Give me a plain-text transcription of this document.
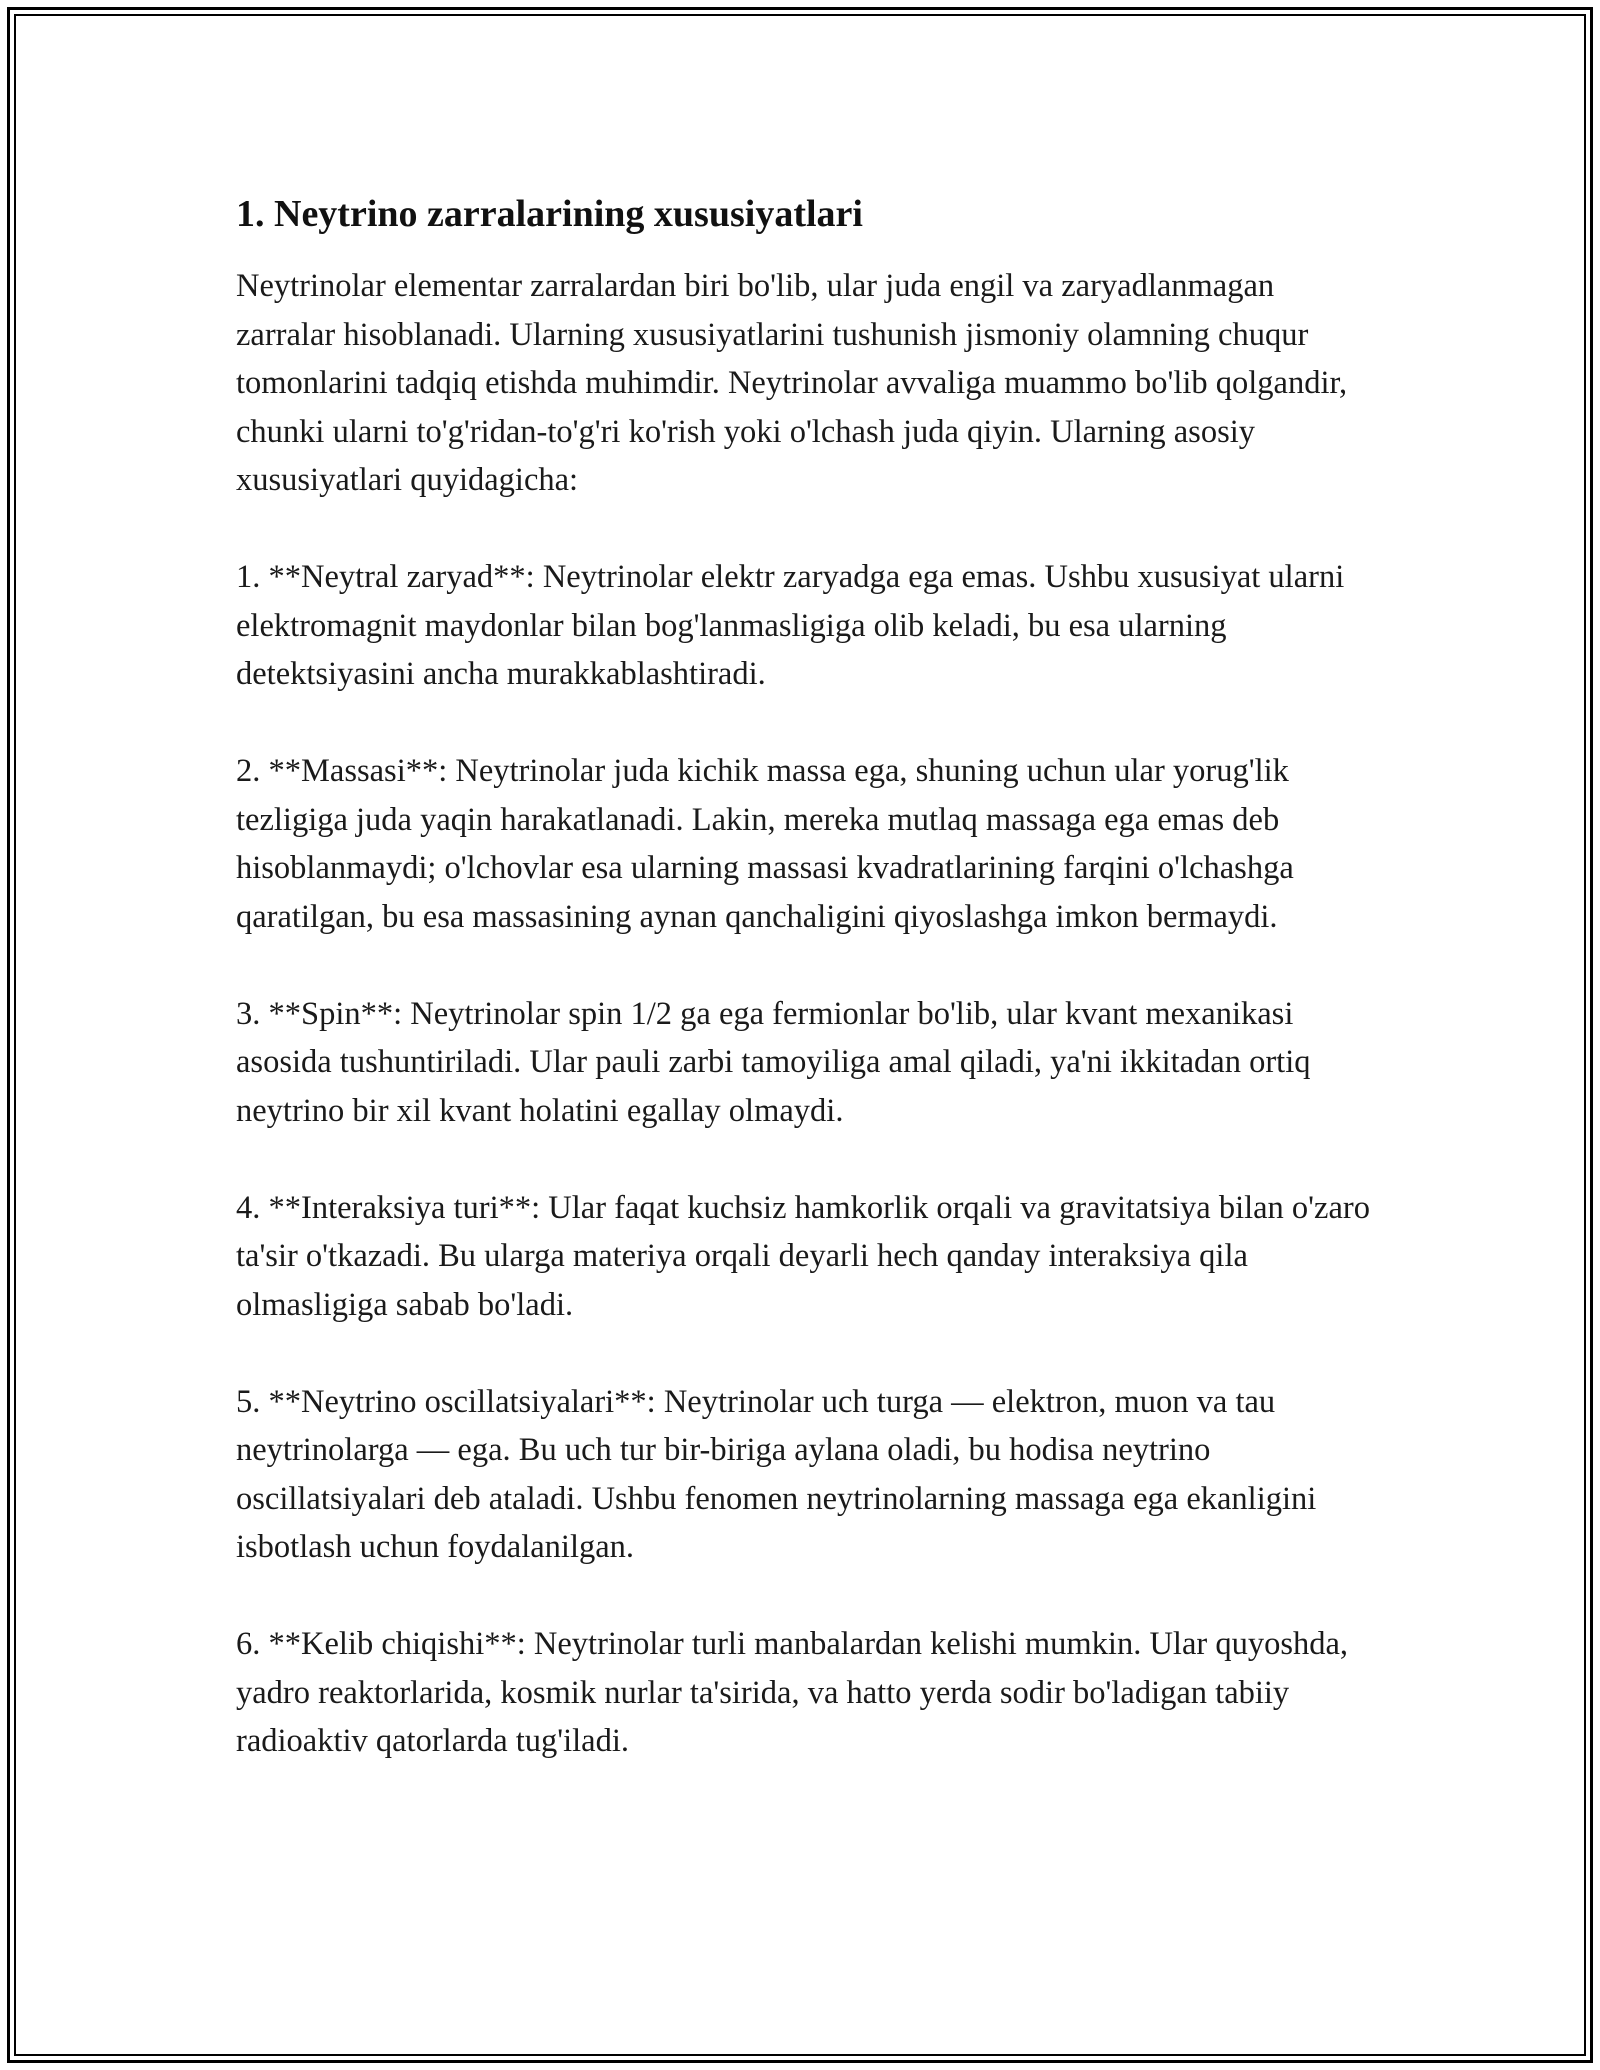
1. Neytrino zarralarining xususiyatlari

Neytrinolar elementar zarralardan biri bo'lib, ular juda engil va zaryadlanmagan zarralar hisoblanadi. Ularning xususiyatlarini tushunish jismoniy olamning chuqur tomonlarini tadqiq etishda muhimdir. Neytrinolar avvaliga muammo bo'lib qolgandir, chunki ularni to'g'ridan-to'g'ri ko'rish yoki o'lchash juda qiyin. Ularning asosiy xususiyatlari quyidagicha:

1. **Neytral zaryad**: Neytrinolar elektr zaryadga ega emas. Ushbu xususiyat ularni elektromagnit maydonlar bilan bog'lanmasligiga olib keladi, bu esa ularning detektsiyasini ancha murakkablashtiradi.

2. **Massasi**: Neytrinolar juda kichik massa ega, shuning uchun ular yorug'lik tezligiga juda yaqin harakatlanadi. Lakin, mereka mutlaq massaga ega emas deb hisoblanmaydi; o'lchovlar esa ularning massasi kvadratlarining farqini o'lchashga qaratilgan, bu esa massasining aynan qanchaligini qiyoslashga imkon bermaydi.

3. **Spin**: Neytrinolar spin 1/2 ga ega fermionlar bo'lib, ular kvant mexanikasi asosida tushuntiriladi. Ular pauli zarbi tamoyiliga amal qiladi, ya'ni ikkitadan ortiq neytrino bir xil kvant holatini egallay olmaydi.

4. **Interaksiya turi**: Ular faqat kuchsiz hamkorlik orqali va gravitatsiya bilan o'zaro ta'sir o'tkazadi. Bu ularga materiya orqali deyarli hech qanday interaksiya qila olmasligiga sabab bo'ladi.

5. **Neytrino oscillatsiyalari**: Neytrinolar uch turga — elektron, muon va tau neytrinolarga — ega. Bu uch tur bir-biriga aylana oladi, bu hodisa neytrino oscillatsiyalari deb ataladi. Ushbu fenomen neytrinolarning massaga ega ekanligini isbotlash uchun foydalanilgan.

6. **Kelib chiqishi**: Neytrinolar turli manbalardan kelishi mumkin. Ular quyoshda, yadro reaktorlarida, kosmik nurlar ta'sirida, va hatto yerda sodir bo'ladigan tabiiy radioaktiv qatorlarda tug'iladi.
